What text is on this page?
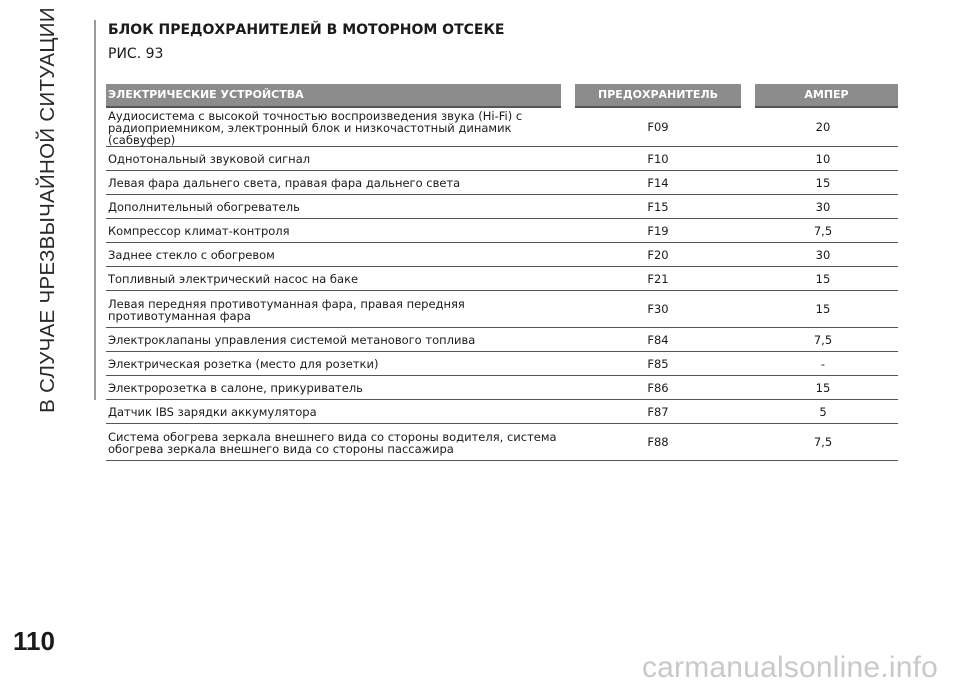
В СЛУЧАЕ ЧРЕЗВЫЧАЙНОЙ СИТУАЦИИ
110
carmanualsonline.info
БЛОК ПРЕДОХРАНИТЕЛЕЙ В МОТОРНОМ ОТСЕКЕ
РИС. 93
ЭЛЕКТРИЧЕСКИЕ УСТРОЙСТВА	ПРЕДОХРАНИТЕЛЬ	АМПЕР
Аудиосистема с высокой точностью воспроизведения звука (Hi-Fi) с радиоприемником, электронный блок и низкочастотный динамик (сабвуфер)	F09	20
Однотональный звуковой сигнал	F10	10
Левая фара дальнего света, правая фара дальнего света	F14	15
Дополнительный обогреватель	F15	30
Компрессор климат-контроля	F19	7,5
Заднее стекло с обогревом	F20	30
Топливный электрический насос на баке	F21	15
Левая передняя противотуманная фара, правая передняя противотуманная фара	F30	15
Электроклапаны управления системой метанового топлива	F84	7,5
Электрическая розетка (место для розетки)	F85	-
Электророзетка в салоне, прикуриватель	F86	15
Датчик IBS зарядки аккумулятора	F87	5
Система обогрева зеркала внешнего вида со стороны водителя, система обогрева зеркала внешнего вида со стороны пассажира	F88	7,5
